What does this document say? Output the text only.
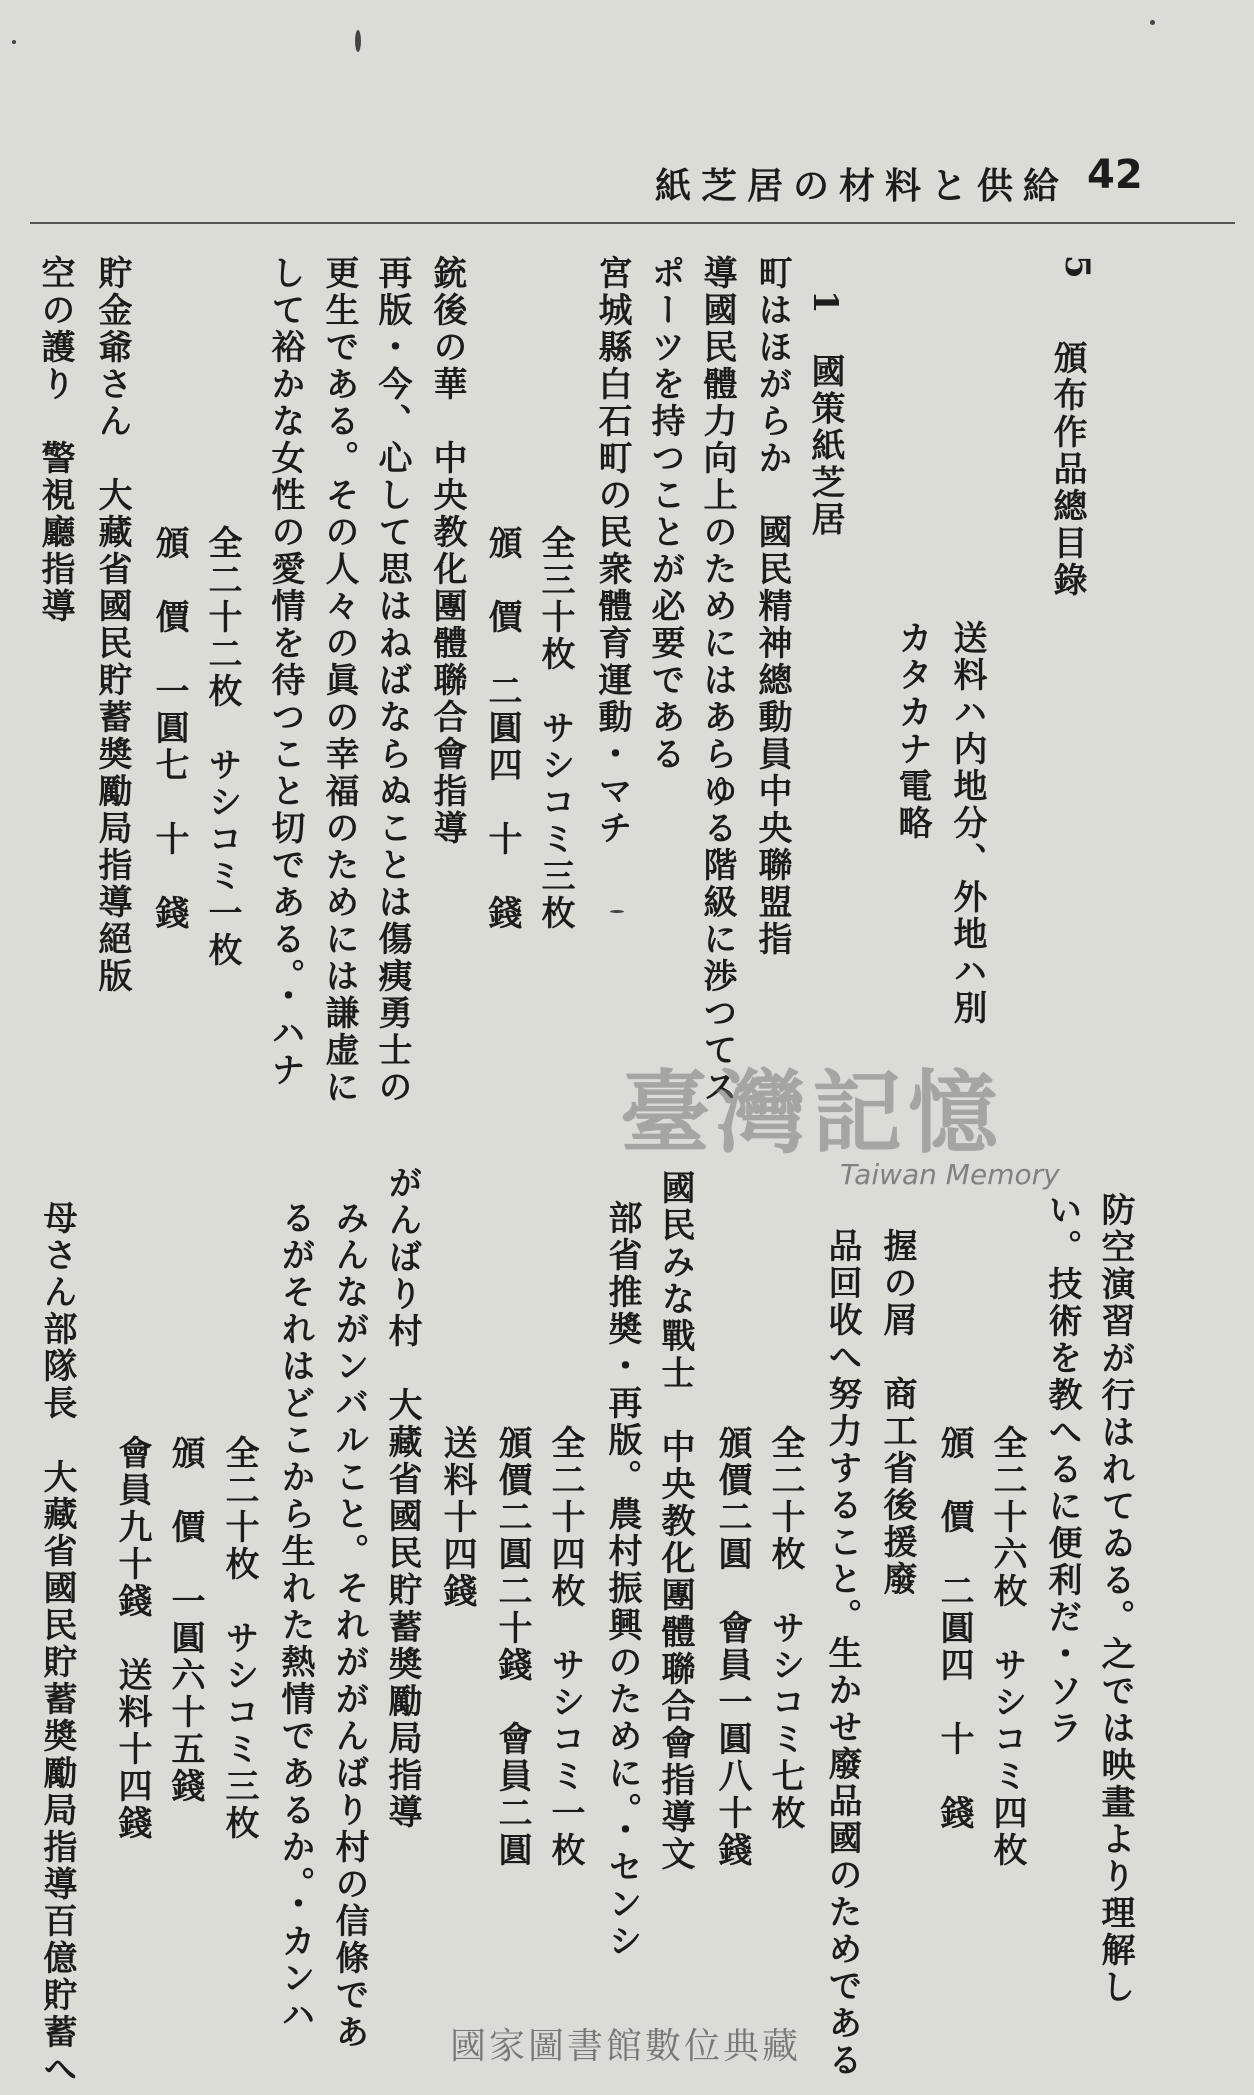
紙芝居の材料と供給 42
5
頒布作品總目錄
送料ハ内地分、外地ハ別
カタカナ電略
1　國策紙芝居
町はほがらか　國民精神總動員中央聯盟指
導國民體力向上のためにはあらゆる階級に渉つてス
ポーツを持つことが必要である
宮城縣白石町の民衆體育運動・マチ
全三十枚　サシコミ三枚
頒　價　二圓四　十　錢
銃後の華　中央教化團體聯合會指導
再版・今、心して思はねばならぬことは傷痍勇士の
更生である。その人々の眞の幸福のためには謙虚に
して裕かな女性の愛情を待つこと切である。・ハナ
全二十二枚　サシコミ一枚
頒　價　一圓七　十　錢
貯金爺さん　大藏省國民貯蓄奬勵局指導絕版
空の護り　警視廳指導
防空演習が行はれてゐる。之では映畫より理解し
い。技術を教へるに便利だ・ソラ
全二十六枚　サシコミ四枚
頒　價　二圓四　十　錢
握の屑　商工省後援廢
品回收へ努力すること。生かせ廢品國のためである
全二十枚　サシコミ七枚
頒價二圓　會員一圓八十錢
國民みな戰士　中央教化團體聯合會指導文
部省推奬・再版。農村振興のために。・センシ
全二十四枚　サシコミ一枚
頒價二圓二十錢　會員二圓
送料十四錢
がんばり村　大藏省國民貯蓄奬勵局指導
みんながンバルこと。それががんばり村の信條であ
るがそれはどこから生れた熱情であるか。・カンハ
全二十枚　サシコミ三枚
頒　價　一圓六十五錢
會員九十錢　送料十四錢
母さん部隊長　大藏省國民貯蓄奬勵局指導百億貯蓄へ
臺灣記憶
Taiwan Memory
國家圖書館數位典藏
